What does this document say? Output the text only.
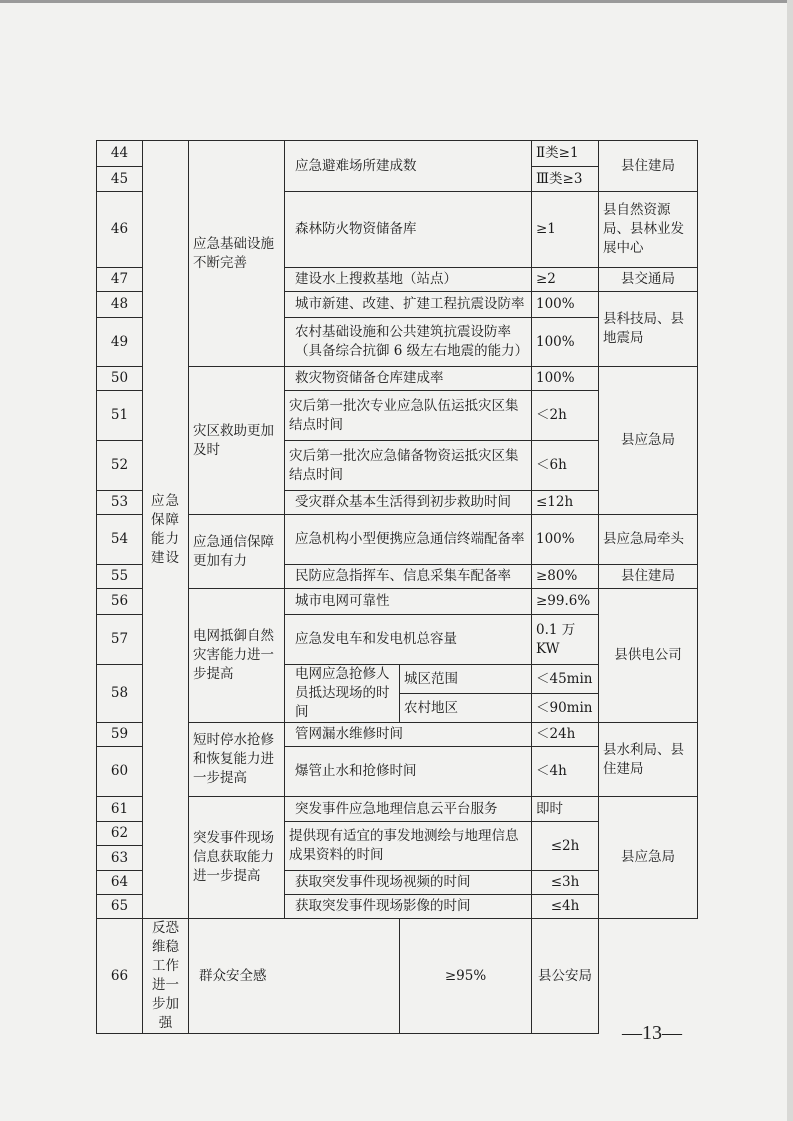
44	应急保障能力建设	应急基础设施不断完善	应急避难场所建成数		Ⅱ类≥1	县住建局
45					Ⅲ类≥3	
46			森林防火物资储备库		≥1	县自然资源局、县林业发展中心
47			建设水上搜救基地（站点）		≥2	县交通局
48			城市新建、改建、扩建工程抗震设防率		100%	县科技局、县地震局
49			农村基础设施和公共建筑抗震设防率（具备综合抗御 6 级左右地震的能力）		100%	
50		灾区救助更加及时	救灾物资储备仓库建成率		100%	县应急局
51			灾后第一批次专业应急队伍运抵灾区集结点时间		＜2h	
52			灾后第一批次应急储备物资运抵灾区集结点时间		＜6h	
53			受灾群众基本生活得到初步救助时间		≤12h	
54		应急通信保障更加有力	应急机构小型便携应急通信终端配备率		100%	县应急局牵头
55			民防应急指挥车、信息采集车配备率		≥80%	县住建局
56		电网抵御自然灾害能力进一步提高	城市电网可靠性		≥99.6%	县供电公司
57			应急发电车和发电机总容量		0.1 万 KW	
58			电网应急抢修人员抵达现场的时间	城区范围	＜45min	
				农村地区	＜90min	
59		短时停水抢修和恢复能力进一步提高	管网漏水维修时间		＜24h	县水利局、县住建局
60			爆管止水和抢修时间		＜4h	
61		突发事件现场信息获取能力进一步提高	突发事件应急地理信息云平台服务		即时	县应急局
62			提供现有适宜的事发地测绘与地理信息成果资料的时间		≤2h	
63						
64			获取突发事件现场视频的时间		≤3h	
65			获取突发事件现场影像的时间		≤4h	
66	反恐维稳工作进一步加强	群众安全感		≥95%	县公安局	
—13—
